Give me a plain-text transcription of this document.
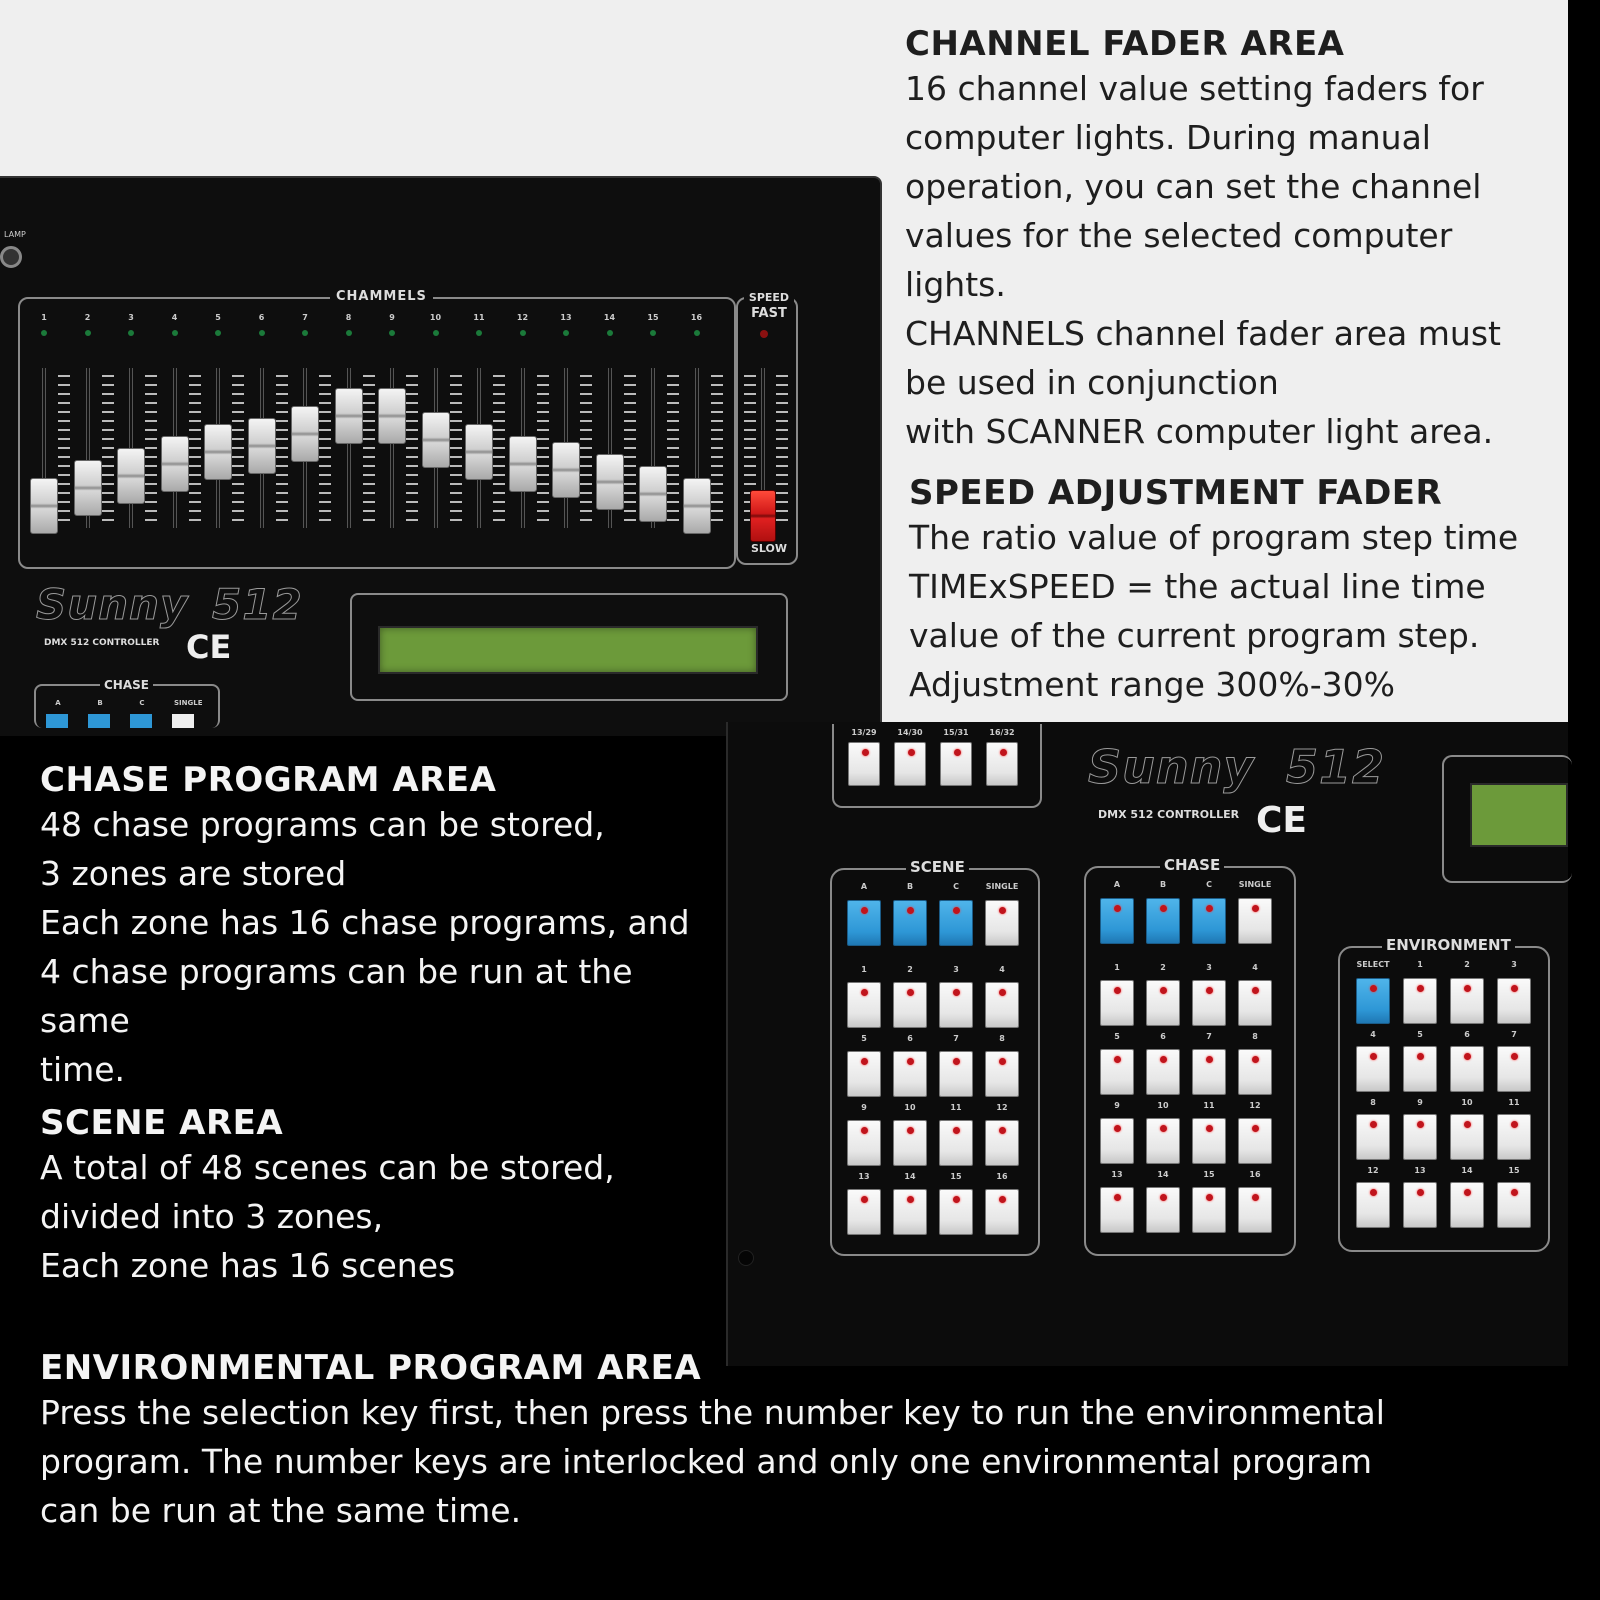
LAMP
CHAMMELS
1	2	3	4	5	6	7	8	9	10	11	12	13	14	15	16
SPEED
FAST
SLOW
Sunny 512
DMX 512 CONTROLLER CE
CHASE
A	B	C	SINGLE
CHANNEL FADER AREA
16 channel value setting faders for
computer lights. During manual
operation, you can set the channel
values for the selected computer
lights.
CHANNELS channel fader area must
be used in conjunction
with SCANNER computer light area.
SPEED ADJUSTMENT FADER
The ratio value of program step time
TIMExSPEED = the actual line time
value of the current program step.
Adjustment range 300%-30%
13/29	14/30	15/31	16/32
Sunny 512
DMX 512 CONTROLLER CE
SCENE
A	B	C	SINGLE
1	2	3	4
5	6	7	8
9	10	11	12
13	14	15	16
CHASE
A	B	C	SINGLE
1	2	3	4
5	6	7	8
9	10	11	12
13	14	15	16
ENVIRONMENT
SELECT	1	2	3
4	5	6	7
8	9	10	11
12	13	14	15
CHASE PROGRAM AREA
48 chase programs can be stored,
3 zones are stored
Each zone has 16 chase programs, and
4 chase programs can be run at the same
time.
SCENE AREA
A total of 48 scenes can be stored,
divided into 3 zones,
Each zone has 16 scenes
ENVIRONMENTAL PROGRAM AREA
Press the selection key first, then press the number key to run the environmental
program. The number keys are interlocked and only one environmental program
can be run at the same time.
